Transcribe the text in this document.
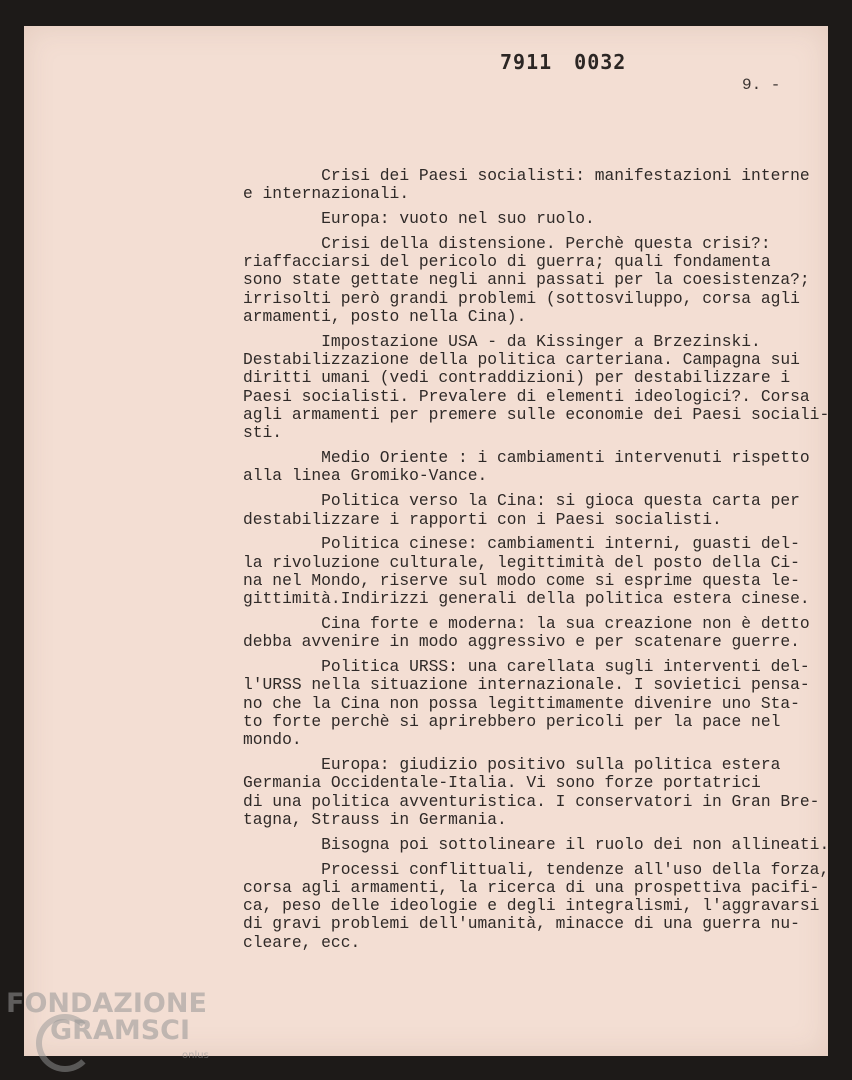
7911 0032
9. -
Crisi dei Paesi socialisti: manifestazioni interne
e internazionali.
Europa: vuoto nel suo ruolo.
Crisi della distensione. Perchè questa crisi?:
riaffacciarsi del pericolo di guerra; quali fondamenta
sono state gettate negli anni passati per la coesistenza?;
irrisolti però grandi problemi (sottosviluppo, corsa agli
armamenti, posto nella Cina).
Impostazione USA - da Kissinger a Brzezinski.
Destabilizzazione della politica carteriana. Campagna sui
diritti umani (vedi contraddizioni) per destabilizzare i
Paesi socialisti. Prevalere di elementi ideologici?. Corsa
agli armamenti per premere sulle economie dei Paesi sociali-
sti.
Medio Oriente : i cambiamenti intervenuti rispetto
alla linea Gromiko-Vance.
Politica verso la Cina: si gioca questa carta per
destabilizzare i rapporti con i Paesi socialisti.
Politica cinese: cambiamenti interni, guasti del-
la rivoluzione culturale, legittimità del posto della Ci-
na nel Mondo, riserve sul modo come si esprime questa le-
gittimità.Indirizzi generali della politica estera cinese.
Cina forte e moderna: la sua creazione non è detto
debba avvenire in modo aggressivo e per scatenare guerre.
Politica URSS: una carellata sugli interventi del-
l'URSS nella situazione internazionale. I sovietici pensa-
no che la Cina non possa legittimamente divenire uno Sta-
to forte perchè si aprirebbero pericoli per la pace nel
mondo.
Europa: giudizio positivo sulla politica estera
Germania Occidentale-Italia. Vi sono forze portatrici
di una politica avventuristica. I conservatori in Gran Bre-
tagna, Strauss in Germania.
Bisogna poi sottolineare il ruolo dei non allineati.
Processi conflittuali, tendenze all'uso della forza,
corsa agli armamenti, la ricerca di una prospettiva pacifi-
ca, peso delle ideologie e degli integralismi, l'aggravarsi
di gravi problemi dell'umanità, minacce di una guerra nu-
cleare, ecc.
FONDAZIONE
GRAMSCI
onlus
